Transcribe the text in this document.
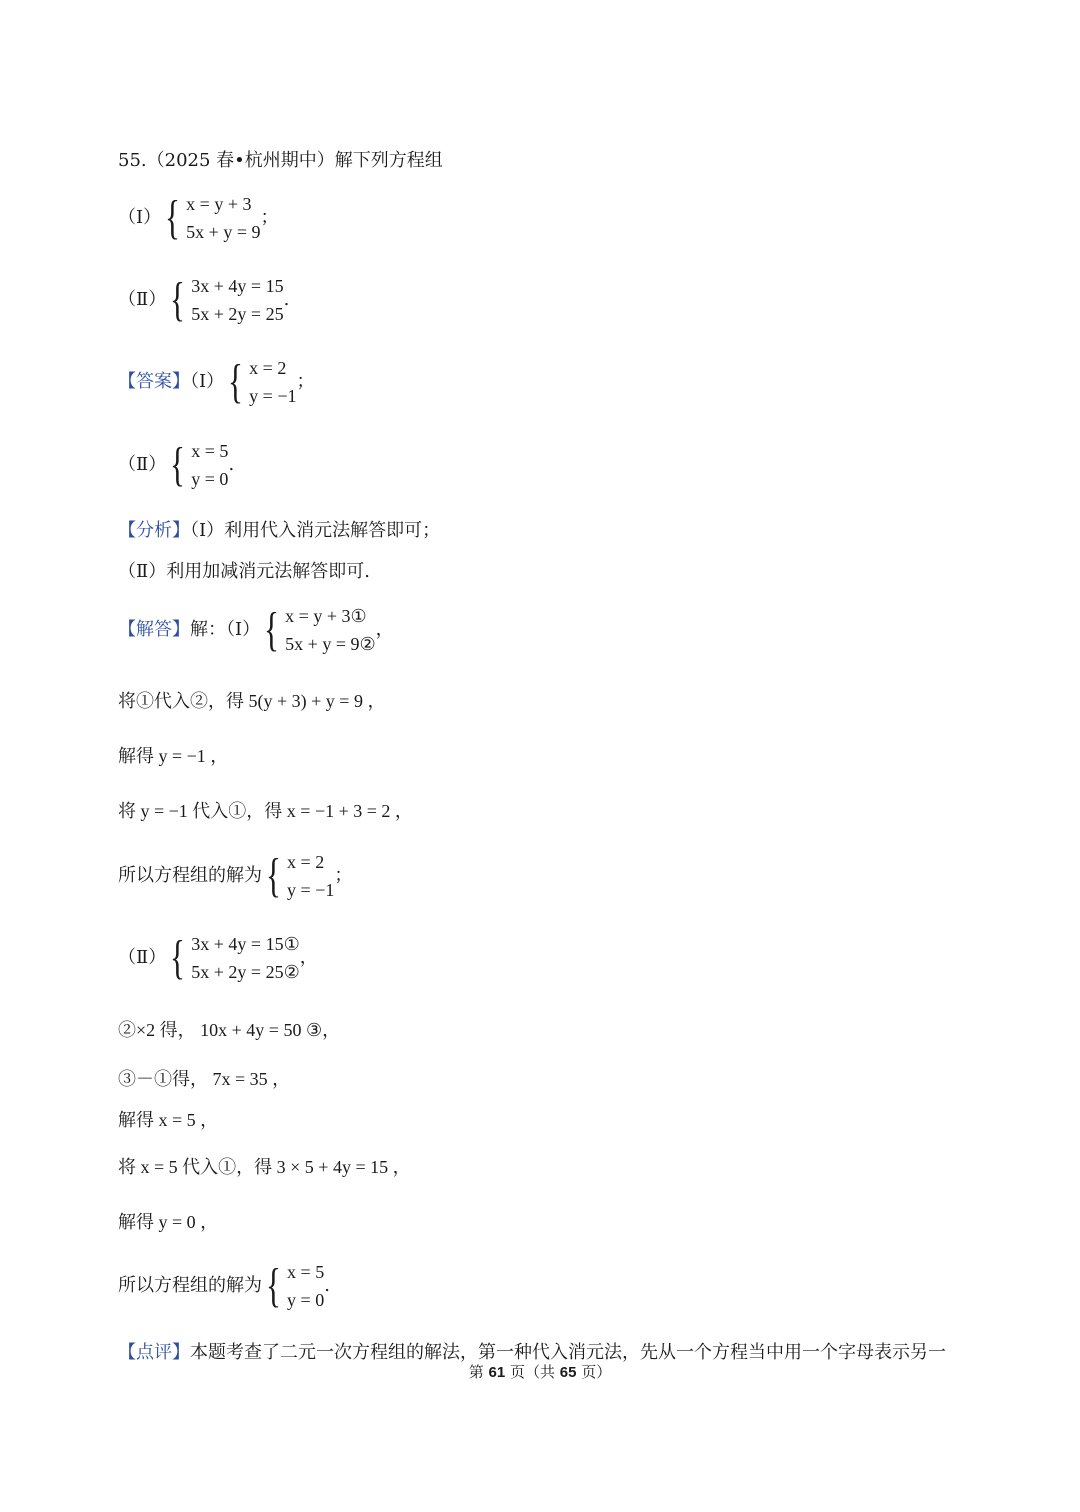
55.（2025 春•杭州期中）解下列方程组
（Ⅰ） { x = y + 3
5x + y = 9
；
（Ⅱ） { 3x + 4y = 15
5x + 2y = 25
.
【答案】（Ⅰ） { x = 2
y = −1
；
（Ⅱ） { x = 5
y = 0
.
【分析】（Ⅰ）利用代入消元法解答即可；
（Ⅱ）利用加减消元法解答即可.
【解答】解：（Ⅰ） { x = y + 3①
5x + y = 9②
，
将①代入②，得 5(y + 3) + y = 9 ，
解得 y = −1 ，
将 y = −1 代入①，得 x = −1 + 3 = 2 ，
所以方程组的解为 { x = 2
y = −1
；
（Ⅱ） { 3x + 4y = 15①
5x + 2y = 25②
，
②×2 得， 10x + 4y = 50 ③，
③－①得， 7x = 35 ，
解得 x = 5 ，
将 x = 5 代入①，得 3 × 5 + 4y = 15 ，
解得 y = 0 ，
所以方程组的解为 { x = 5
y = 0
.
【点评】本题考查了二元一次方程组的解法，第一种代入消元法，先从一个方程当中用一个字母表示另一
第 61 页（共 65 页）
